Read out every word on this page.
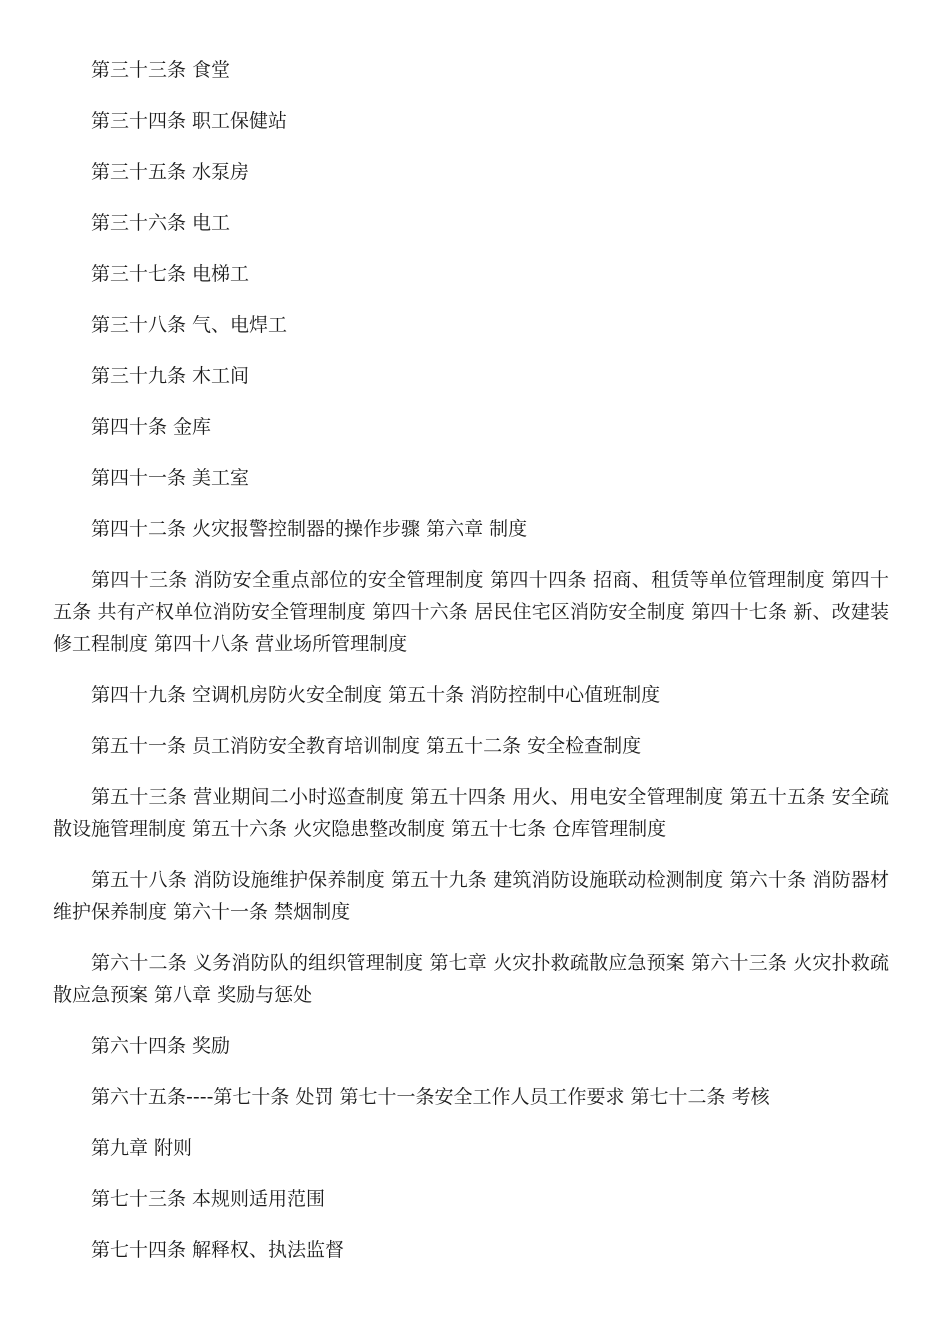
第三十三条 食堂

第三十四条 职工保健站

第三十五条 水泵房

第三十六条 电工

第三十七条 电梯工

第三十八条 气、电焊工

第三十九条 木工间

第四十条 金库

第四十一条 美工室

第四十二条 火灾报警控制器的操作步骤 第六章 制度

第四十三条 消防安全重点部位的安全管理制度 第四十四条 招商、租赁等单位管理制度 第四十五条 共有产权单位消防安全管理制度 第四十六条 居民住宅区消防安全制度 第四十七条 新、改建装修工程制度 第四十八条 营业场所管理制度

第四十九条 空调机房防火安全制度 第五十条 消防控制中心值班制度

第五十一条 员工消防安全教育培训制度 第五十二条 安全检查制度

第五十三条 营业期间二小时巡查制度 第五十四条 用火、用电安全管理制度 第五十五条 安全疏散设施管理制度 第五十六条 火灾隐患整改制度 第五十七条 仓库管理制度

第五十八条 消防设施维护保养制度 第五十九条 建筑消防设施联动检测制度 第六十条 消防器材维护保养制度 第六十一条 禁烟制度

第六十二条 义务消防队的组织管理制度 第七章 火灾扑救疏散应急预案 第六十三条 火灾扑救疏散应急预案 第八章 奖励与惩处

第六十四条 奖励

第六十五条----第七十条 处罚 第七十一条安全工作人员工作要求 第七十二条 考核

第九章 附则

第七十三条 本规则适用范围

第七十四条 解释权、执法监督
